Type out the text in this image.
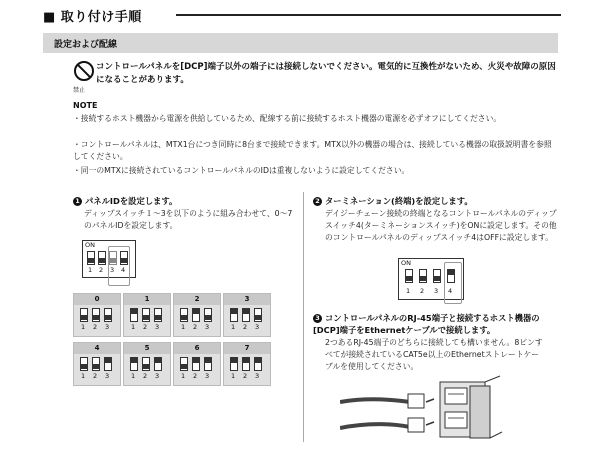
■ 取り付け手順
設定および配線
禁止
コントロールパネルを[DCP]端子以外の端子には接続しないでください。電気的に互換性がないため、火災や故障の原因になることがあります。
NOTE
・接続するホスト機器から電源を供給しているため、配線する前に接続するホスト機器の電源を必ずオフにしてください。
・コントロールパネルは、MTX1台につき同時に8台まで接続できます。MTX以外の機器の場合は、接続している機器の取扱説明書を参照してください。
・同一のMTXに接続されているコントロールパネルのIDは重複しないように設定してください。
1 パネルIDを設定します。
ディップスイッチ１～3を以下のように組み合わせて、0～7のパネルIDを設定します。
ON
1 2 3 4
0
1 2 3
1
1 2 3
2
1 2 3
3
1 2 3
4
1 2 3
5
1 2 3
6
1 2 3
7
1 2 3
2 ターミネーション(終端)を設定します。
デイジーチェーン接続の終端となるコントロールパネルのディップスイッチ4(ターミネーションスイッチ)をONに設定します。その他のコントロールパネルのディップスイッチ4はOFFに設定します。
ON
1 2 3 4
3 コントロールパネルのRJ-45端子と接続するホスト機器の[DCP]端子をEthernetケーブルで接続します。
2つあるRJ-45端子のどちらに接続しても構いません。8ピンすべてが接続されているCAT5e以上のEthernetストレートケーブルを使用してください。
